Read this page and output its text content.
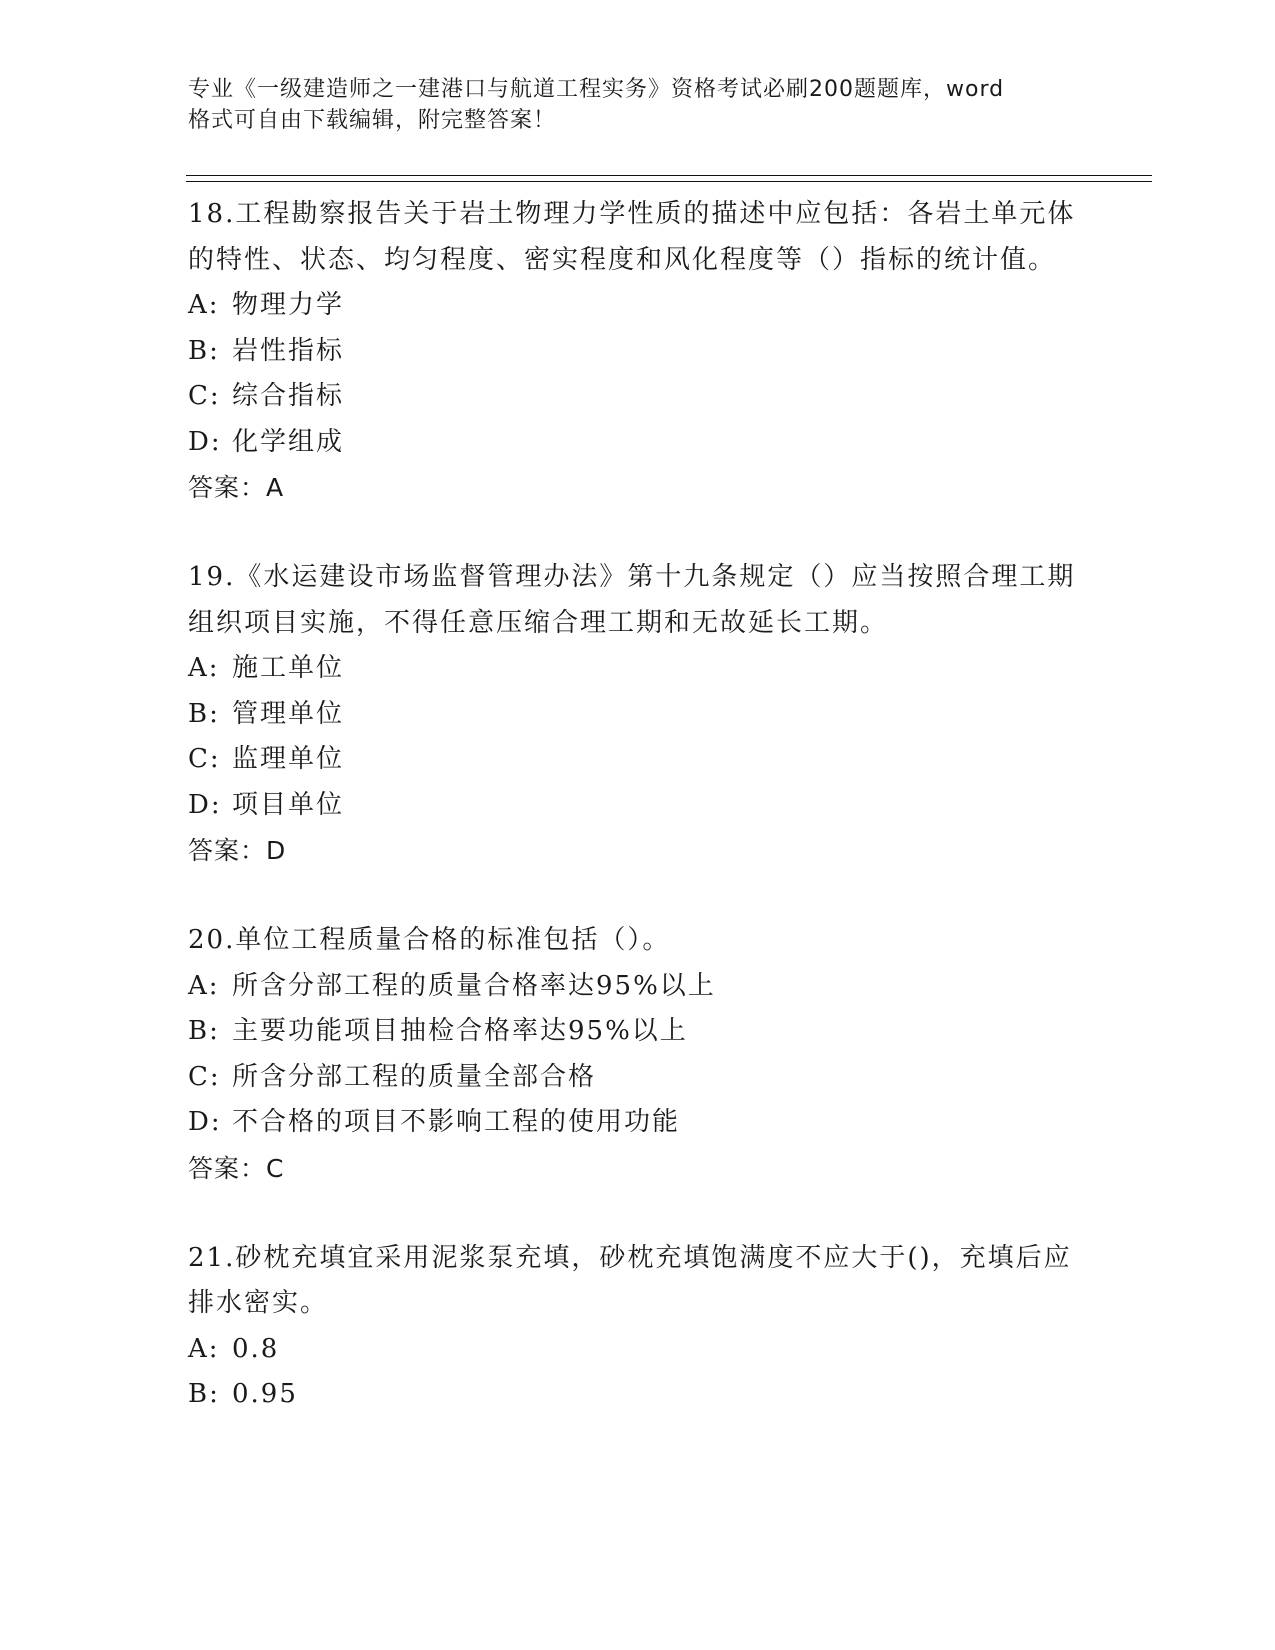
专业《一级建造师之一建港口与航道工程实务》资格考试必刷200题题库，word
格式可自由下载编辑，附完整答案！
18.工程勘察报告关于岩土物理力学性质的描述中应包括：各岩土单元体的特性、状态、均匀程度、密实程度和风化程度等（）指标的统计值。
A: 物理力学
B: 岩性指标
C: 综合指标
D: 化学组成
答案：A
19.《水运建设市场监督管理办法》第十九条规定（）应当按照合理工期组织项目实施，不得任意压缩合理工期和无故延长工期。
A: 施工单位
B: 管理单位
C: 监理单位
D: 项目单位
答案：D
20.单位工程质量合格的标准包括（）。
A: 所含分部工程的质量合格率达95%以上
B: 主要功能项目抽检合格率达95%以上
C: 所含分部工程的质量全部合格
D: 不合格的项目不影响工程的使用功能
答案：C
21.砂枕充填宜采用泥浆泵充填，砂枕充填饱满度不应大于()，充填后应排水密实。
A: 0.8
B: 0.95
